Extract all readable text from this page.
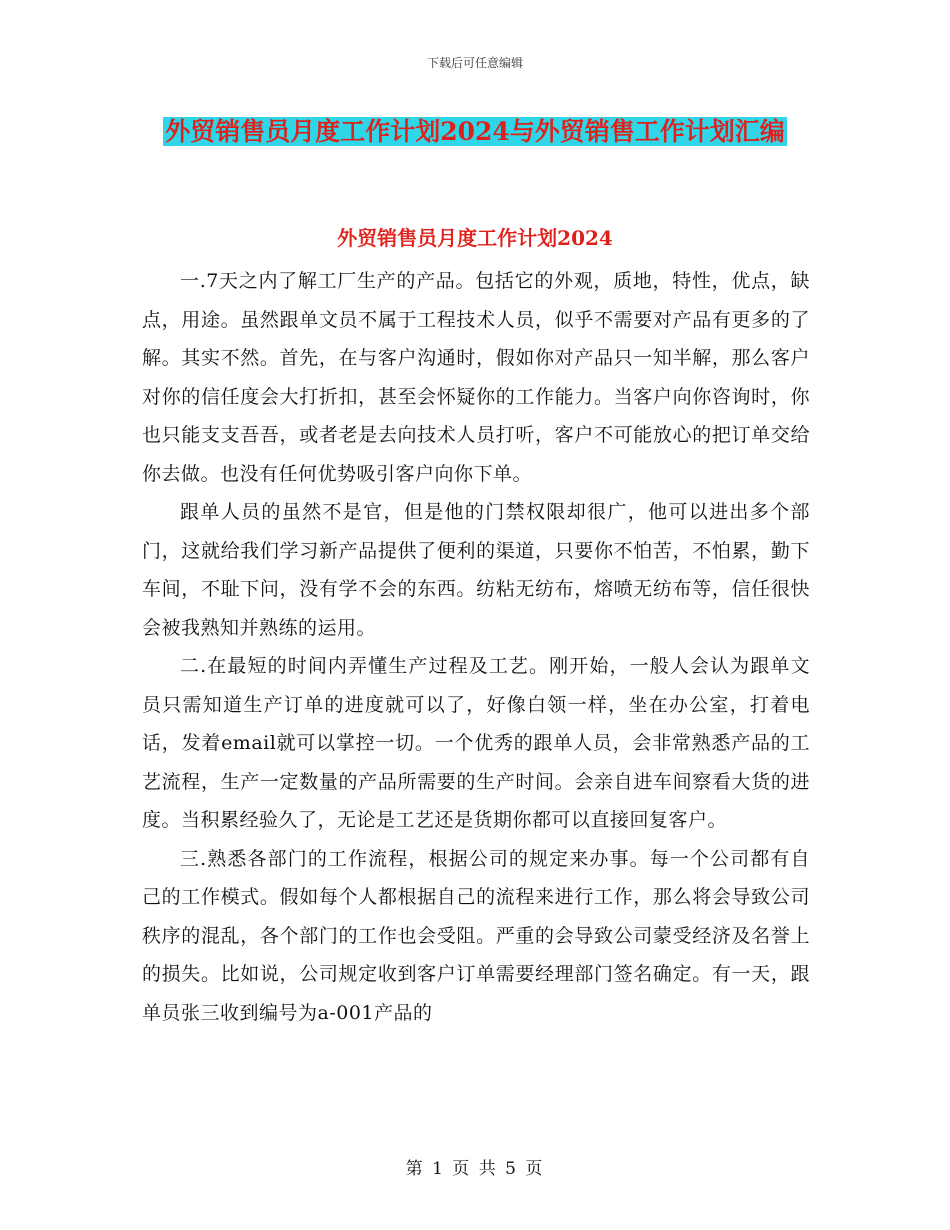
下载后可任意编辑
外贸销售员月度工作计划2024与外贸销售工作计划汇编
外贸销售员月度工作计划2024

一.7天之内了解工厂生产的产品。包括它的外观，质地，特性，优点，缺点，用途。虽然跟单文员不属于工程技术人员，似乎不需要对产品有更多的了解。其实不然。首先，在与客户沟通时，假如你对产品只一知半解，那么客户对你的信任度会大打折扣，甚至会怀疑你的工作能力。当客户向你咨询时，你也只能支支吾吾，或者老是去向技术人员打听，客户不可能放心的把订单交给你去做。也没有任何优势吸引客户向你下单。

跟单人员的虽然不是官，但是他的门禁权限却很广，他可以进出多个部门，这就给我们学习新产品提供了便利的渠道，只要你不怕苦，不怕累，勤下车间，不耻下问，没有学不会的东西。纺粘无纺布，熔喷无纺布等，信任很快会被我熟知并熟练的运用。

二.在最短的时间内弄懂生产过程及工艺。刚开始，一般人会认为跟单文员只需知道生产订单的进度就可以了，好像白领一样，坐在办公室，打着电话，发着email就可以掌控一切。一个优秀的跟单人员，会非常熟悉产品的工艺流程，生产一定数量的产品所需要的生产时间。会亲自进车间察看大货的进度。当积累经验久了，无论是工艺还是货期你都可以直接回复客户。

三.熟悉各部门的工作流程，根据公司的规定来办事。每一个公司都有自己的工作模式。假如每个人都根据自己的流程来进行工作，那么将会导致公司秩序的混乱，各个部门的工作也会受阻。严重的会导致公司蒙受经济及名誉上的损失。比如说，公司规定收到客户订单需要经理部门签名确定。有一天，跟单员张三收到编号为a-001产品的

第 1 页 共 5 页
